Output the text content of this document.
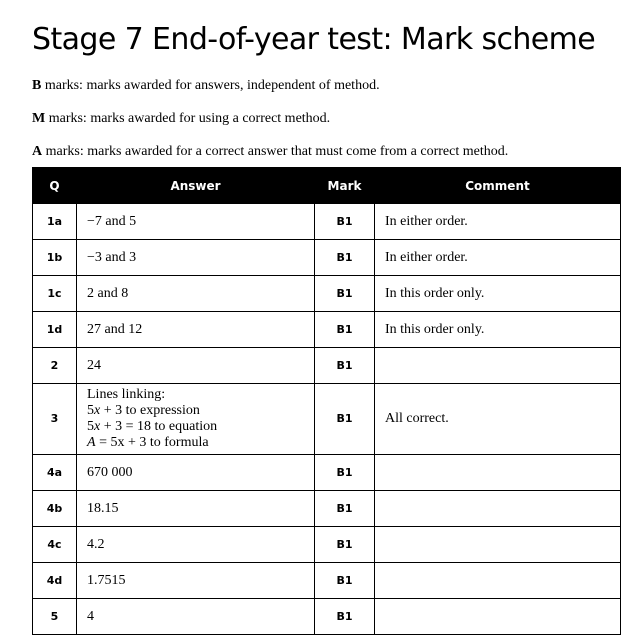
Stage 7 End-of-year test: Mark scheme

B marks: marks awarded for answers, independent of method.

M marks: marks awarded for using a correct method.

A marks: marks awarded for a correct answer that must come from a correct method.

Q	Answer	Mark	Comment
1a	−7 and 5	B1	In either order.
1b	−3 and 3	B1	In either order.
1c	2 and 8	B1	In this order only.
1d	27 and 12	B1	In this order only.
2	24	B1	
3	Lines linking:
5x + 3 to expression
5x + 3 = 18 to equation
A = 5x + 3 to formula	B1	All correct.
4a	670 000	B1	
4b	18.15	B1	
4c	4.2	B1	
4d	1.7515	B1	
5	4	B1	
